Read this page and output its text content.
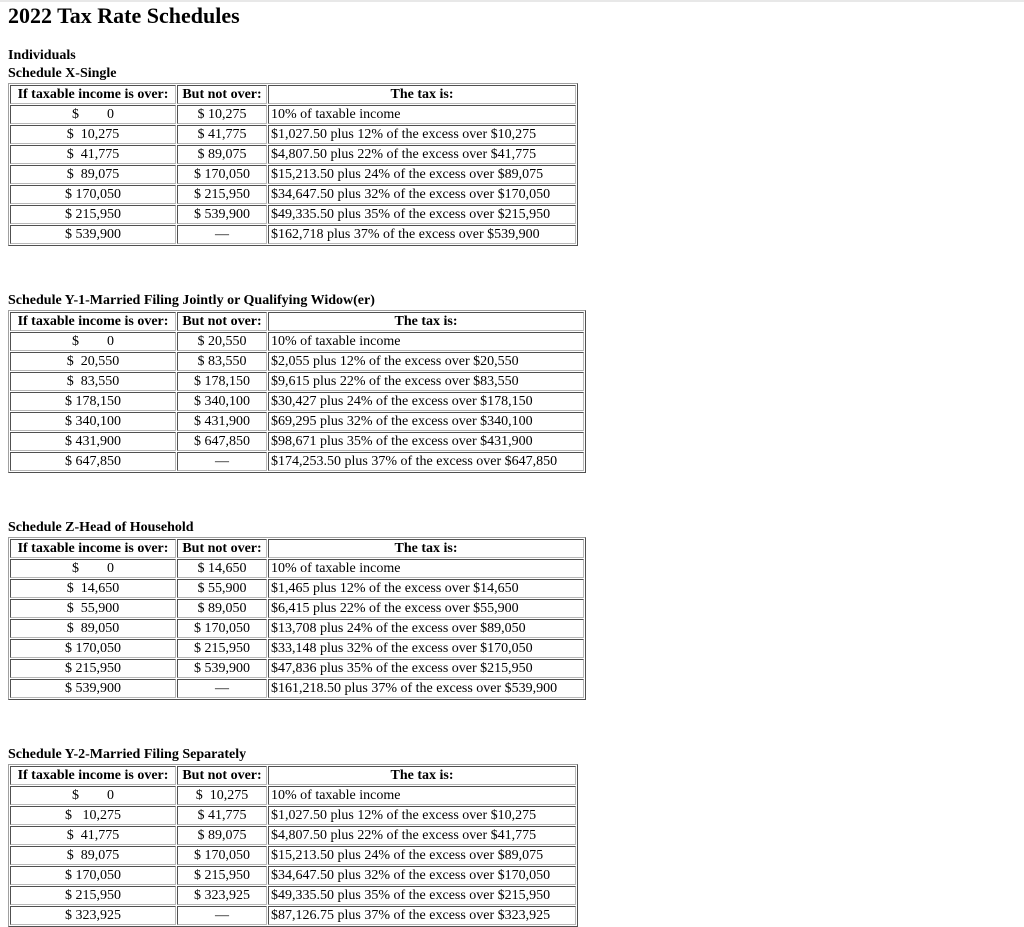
2022 Tax Rate Schedules
Individuals
Schedule X-Single
If taxable income is over:	But not over:	The tax is:
$        0	$ 10,275	10% of taxable income
$  10,275	$ 41,775	$1,027.50 plus 12% of the excess over $10,275
$  41,775	$ 89,075	$4,807.50 plus 22% of the excess over $41,775
$  89,075	$ 170,050	$15,213.50 plus 24% of the excess over $89,075
$ 170,050	$ 215,950	$34,647.50 plus 32% of the excess over $170,050
$ 215,950	$ 539,900	$49,335.50 plus 35% of the excess over $215,950
$ 539,900	—	$162,718 plus 37% of the excess over $539,900
Schedule Y-1-Married Filing Jointly or Qualifying Widow(er)
If taxable income is over:	But not over:	The tax is:
$        0	$ 20,550	10% of taxable income
$  20,550	$ 83,550	$2,055 plus 12% of the excess over $20,550
$  83,550	$ 178,150	$9,615 plus 22% of the excess over $83,550
$ 178,150	$ 340,100	$30,427 plus 24% of the excess over $178,150
$ 340,100	$ 431,900	$69,295 plus 32% of the excess over $340,100
$ 431,900	$ 647,850	$98,671 plus 35% of the excess over $431,900
$ 647,850	—	$174,253.50 plus 37% of the excess over $647,850
Schedule Z-Head of Household
If taxable income is over:	But not over:	The tax is:
$        0	$ 14,650	10% of taxable income
$  14,650	$ 55,900	$1,465 plus 12% of the excess over $14,650
$  55,900	$ 89,050	$6,415 plus 22% of the excess over $55,900
$  89,050	$ 170,050	$13,708 plus 24% of the excess over $89,050
$ 170,050	$ 215,950	$33,148 plus 32% of the excess over $170,050
$ 215,950	$ 539,900	$47,836 plus 35% of the excess over $215,950
$ 539,900	—	$161,218.50 plus 37% of the excess over $539,900
Schedule Y-2-Married Filing Separately
If taxable income is over:	But not over:	The tax is:
$        0	$  10,275	10% of taxable income
$   10,275	$ 41,775	$1,027.50 plus 12% of the excess over $10,275
$  41,775	$ 89,075	$4,807.50 plus 22% of the excess over $41,775
$  89,075	$ 170,050	$15,213.50 plus 24% of the excess over $89,075
$ 170,050	$ 215,950	$34,647.50 plus 32% of the excess over $170,050
$ 215,950	$ 323,925	$49,335.50 plus 35% of the excess over $215,950
$ 323,925	—	$87,126.75 plus 37% of the excess over $323,925
